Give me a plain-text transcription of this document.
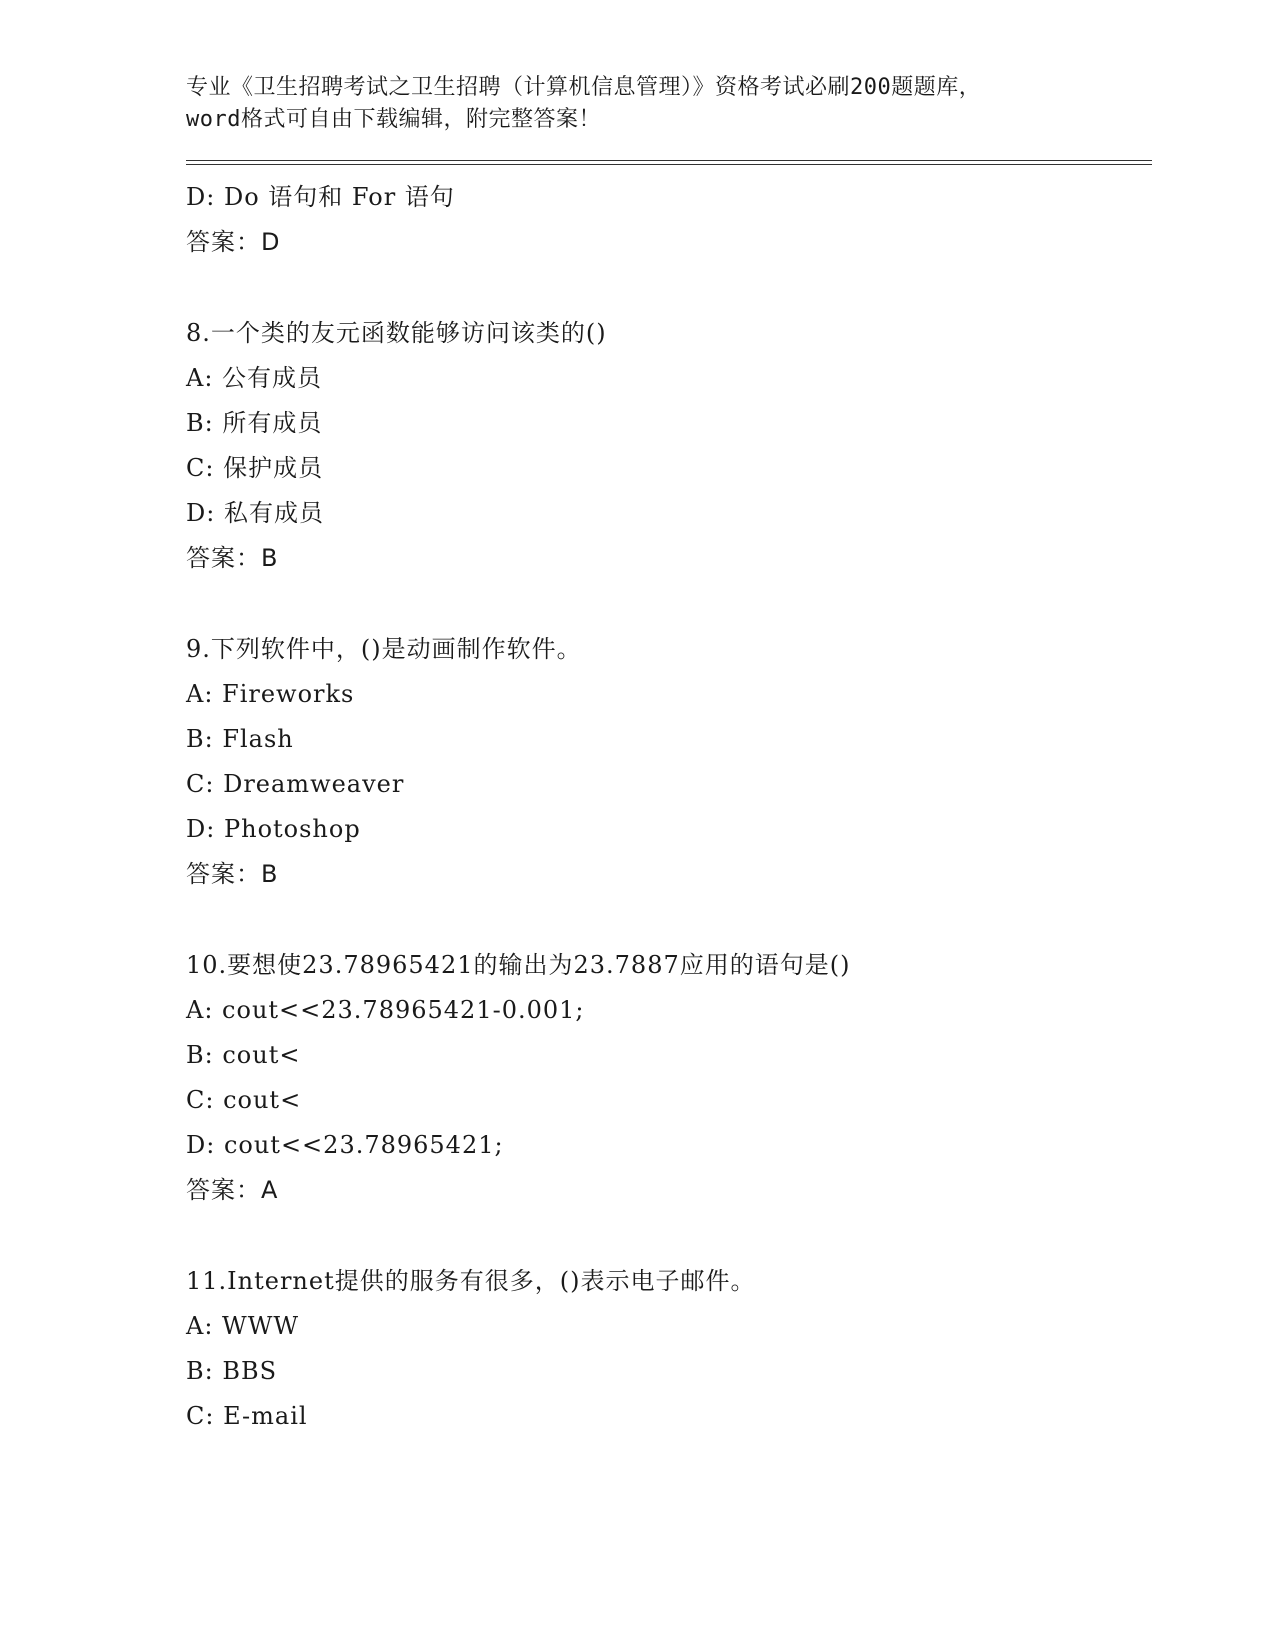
专业《卫生招聘考试之卫生招聘（计算机信息管理）》资格考试必刷200题题库，

word格式可自由下载编辑，附完整答案！

D: Do 语句和 For 语句
答案：D
8.一个类的友元函数能够访问该类的()
A: 公有成员
B: 所有成员
C: 保护成员
D: 私有成员
答案：B
9.下列软件中，()是动画制作软件。
A: Fireworks
B: Flash
C: Dreamweaver
D: Photoshop
答案：B
10.要想使23.78965421的输出为23.7887应用的语句是()
A: cout<<23.78965421-0.001;
B: cout<
C: cout<
D: cout<<23.78965421;
答案：A
11.Internet提供的服务有很多，()表示电子邮件。
A: WWW
B: BBS
C: E-mail
